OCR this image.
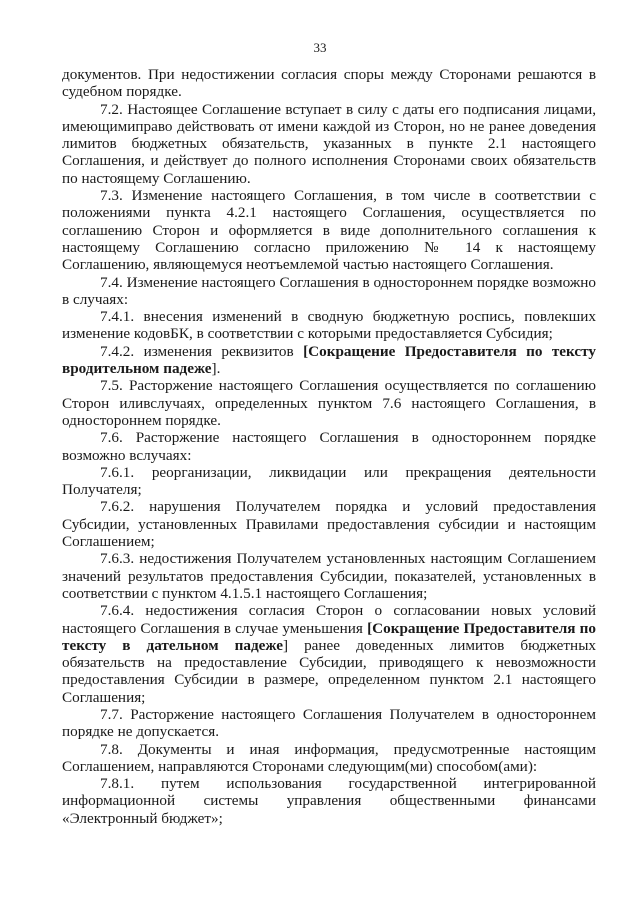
33

документов. При недостижении согласия споры между Сторонами решаются в судебном порядке.

7.2. Настоящее Соглашение вступает в силу с даты его подписания лицами, имеющимиправо действовать от имени каждой из Сторон, но не ранее доведения лимитов бюджетных обязательств, указанных в пункте 2.1 настоящего Соглашения, и действует до полного исполнения Сторонами своих обязательств по настоящему Соглашению.

7.3. Изменение настоящего Соглашения, в том числе в соответствии с положениями пункта 4.2.1 настоящего Соглашения, осуществляется по соглашению Сторон и оформляется в виде дополнительного соглашения к настоящему Соглашению согласно приложению № 14 к настоящему Соглашению, являющемуся неотъемлемой частью настоящего Соглашения.

7.4. Изменение настоящего Соглашения в одностороннем порядке возможно в случаях:

7.4.1. внесения изменений в сводную бюджетную роспись, повлекших изменение кодовБК, в соответствии с которыми предоставляется Субсидия;

7.4.2. изменения реквизитов [Сокращение Предоставителя по тексту вродительном падеже].

7.5. Расторжение настоящего Соглашения осуществляется по соглашению Сторон иливслучаях, определенных пунктом 7.6 настоящего Соглашения, в одностороннем порядке.

7.6. Расторжение настоящего Соглашения в одностороннем порядке возможно вслучаях:

7.6.1. реорганизации, ликвидации или прекращения деятельности Получателя;

7.6.2. нарушения Получателем порядка и условий предоставления Субсидии, установленных Правилами предоставления субсидии и настоящим Соглашением;

7.6.3. недостижения Получателем установленных настоящим Соглашением значений результатов предоставления Субсидии, показателей, установленных в соответствии с пунктом 4.1.5.1 настоящего Соглашения;

7.6.4. недостижения согласия Сторон о согласовании новых условий настоящего Соглашения в случае уменьшения [Сокращение Предоставителя по тексту в дательном падеже] ранее доведенных лимитов бюджетных обязательств на предоставление Субсидии, приводящего к невозможности предоставления Субсидии в размере, определенном пунктом 2.1 настоящего Соглашения;

7.7. Расторжение настоящего Соглашения Получателем в одностороннем порядке не допускается.

7.8. Документы и иная информация, предусмотренные настоящим Соглашением, направляются Сторонами следующим(ми) способом(ами):

7.8.1. путем использования государственной интегрированной информационной системы управления общественными финансами «Электронный бюджет»;
